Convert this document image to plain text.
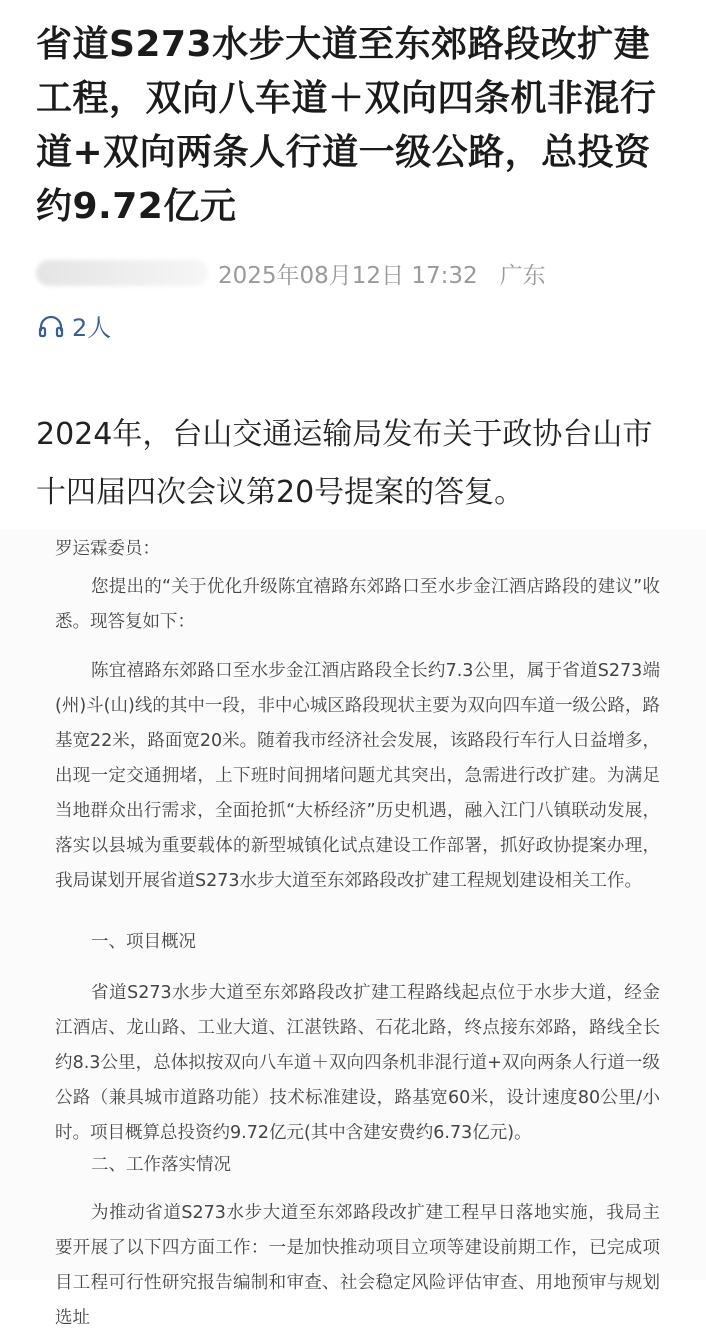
省道S273水步大道至东郊路段改扩建工程，双向八车道＋双向四条机非混行道+双向两条人行道一级公路，总投资约9.72亿元
2025年08月12日 17:32 广东
2人
2024年，台山交通运输局发布关于政协台山市十四届四次会议第20号提案的答复。
罗运霖委员：
您提出的“关于优化升级陈宜禧路东郊路口至水步金江酒店路段的建议”收悉。现答复如下：
陈宜禧路东郊路口至水步金江酒店路段全长约7.3公里，属于省道S273端(州)斗(山)线的其中一段，非中心城区路段现状主要为双向四车道一级公路，路基宽22米，路面宽20米。随着我市经济社会发展，该路段行车行人日益增多，出现一定交通拥堵，上下班时间拥堵问题尤其突出，急需进行改扩建。为满足当地群众出行需求，全面抢抓“大桥经济”历史机遇，融入江门八镇联动发展，落实以县城为重要载体的新型城镇化试点建设工作部署，抓好政协提案办理，我局谋划开展省道S273水步大道至东郊路段改扩建工程规划建设相关工作。
一、项目概况
省道S273水步大道至东郊路段改扩建工程路线起点位于水步大道，经金江酒店、龙山路、工业大道、江湛铁路、石花北路，终点接东郊路，路线全长约8.3公里，总体拟按双向八车道＋双向四条机非混行道+双向两条人行道一级公路（兼具城市道路功能）技术标准建设，路基宽60米，设计速度80公里/小时。项目概算总投资约9.72亿元(其中含建安费约6.73亿元)。
二、工作落实情况
为推动省道S273水步大道至东郊路段改扩建工程早日落地实施，我局主要开展了以下四方面工作：一是加快推动项目立项等建设前期工作，已完成项目工程可行性研究报告编制和审查、社会稳定风险评估审查、用地预审与规划选址
